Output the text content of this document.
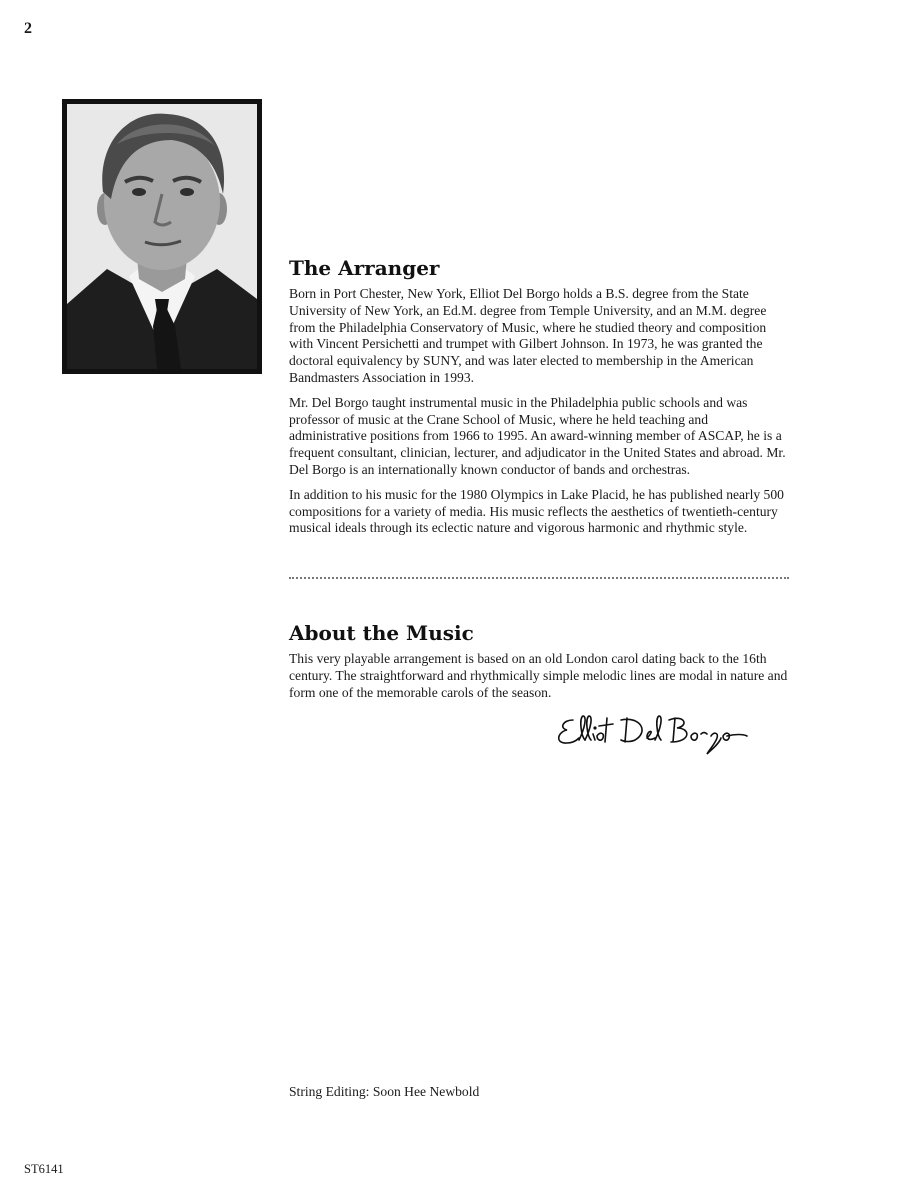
2
The Arranger

Born in Port Chester, New York, Elliot Del Borgo holds a B.S. degree from the State University of New York, an Ed.M. degree from Temple University, and an M.M. degree from the Philadelphia Conservatory of Music, where he studied theory and composition with Vincent Persichetti and trumpet with Gilbert Johnson. In 1973, he was granted the doctoral equivalency by SUNY, and was later elected to membership in the American Bandmasters Association in 1993.

Mr. Del Borgo taught instrumental music in the Philadelphia public schools and was professor of music at the Crane School of Music, where he held teaching and administrative positions from 1966 to 1995. An award-winning member of ASCAP, he is a frequent consultant, clinician, lecturer, and adjudicator in the United States and abroad. Mr. Del Borgo is an internationally known conductor of bands and orchestras.

In addition to his music for the 1980 Olympics in Lake Placid, he has published nearly 500 compositions for a variety of media. His music reflects the aesthetics of twentieth-century musical ideals through its eclectic nature and vigorous harmonic and rhythmic style.

About the Music

This very playable arrangement is based on an old London carol dating back to the 16th century. The straightforward and rhythmically simple melodic lines are modal in nature and form one of the memorable carols of the season.

String Editing: Soon Hee Newbold
ST6141
